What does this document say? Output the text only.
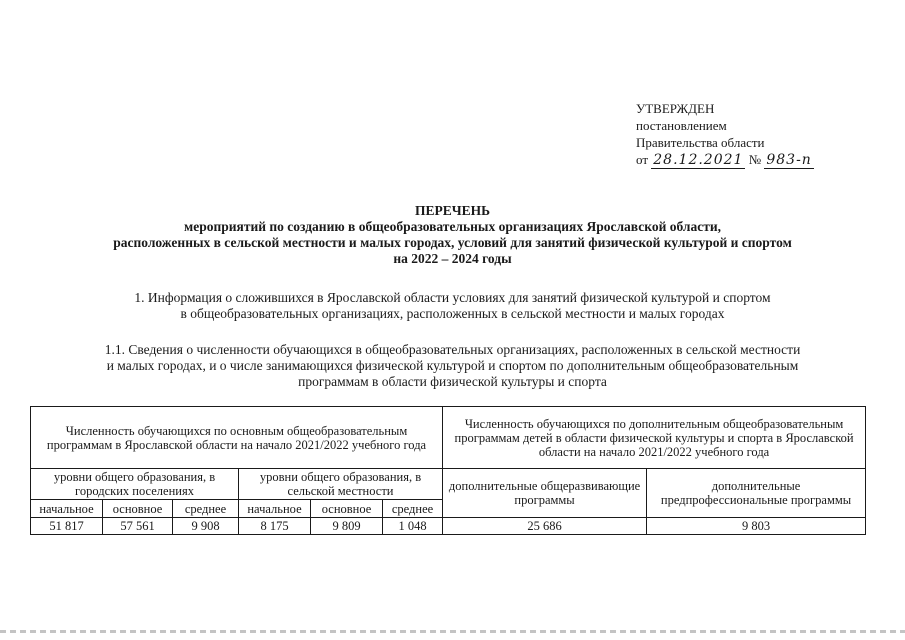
УТВЕРЖДЕН
постановлением
Правительства области
от 28.12.2021 № 983-п
ПЕРЕЧЕНЬ
мероприятий по созданию в общеобразовательных организациях Ярославской области,
расположенных в сельской местности и малых городах, условий для занятий физической культурой и спортом
на 2022 – 2024 годы
1. Информация о сложившихся в Ярославской области условиях для занятий физической культурой и спортом
в общеобразовательных организациях, расположенных в сельской местности и малых городах
1.1. Сведения о численности обучающихся в общеобразовательных организациях, расположенных в сельской местности
и малых городах, и о числе занимающихся физической культурой и спортом по дополнительным общеобразовательным
программам в области физической культуры и спорта
Численность обучающихся по основным общеобразовательным программам в Ярославской области на начало 2021/2022 учебного года						Численность обучающихся по дополнительным общеобразовательным программам детей в области физической культуры и спорта в Ярославской области на начало 2021/2022 учебного года	
уровни общего образования, в городских поселениях			уровни общего образования, в сельской местности			дополнительные общеразвивающие программы	дополнительные предпрофессиональные программы
начальное	основное	среднее	начальное	основное	среднее		
51 817	57 561	9 908	8 175	9 809	1 048	25 686	9 803
